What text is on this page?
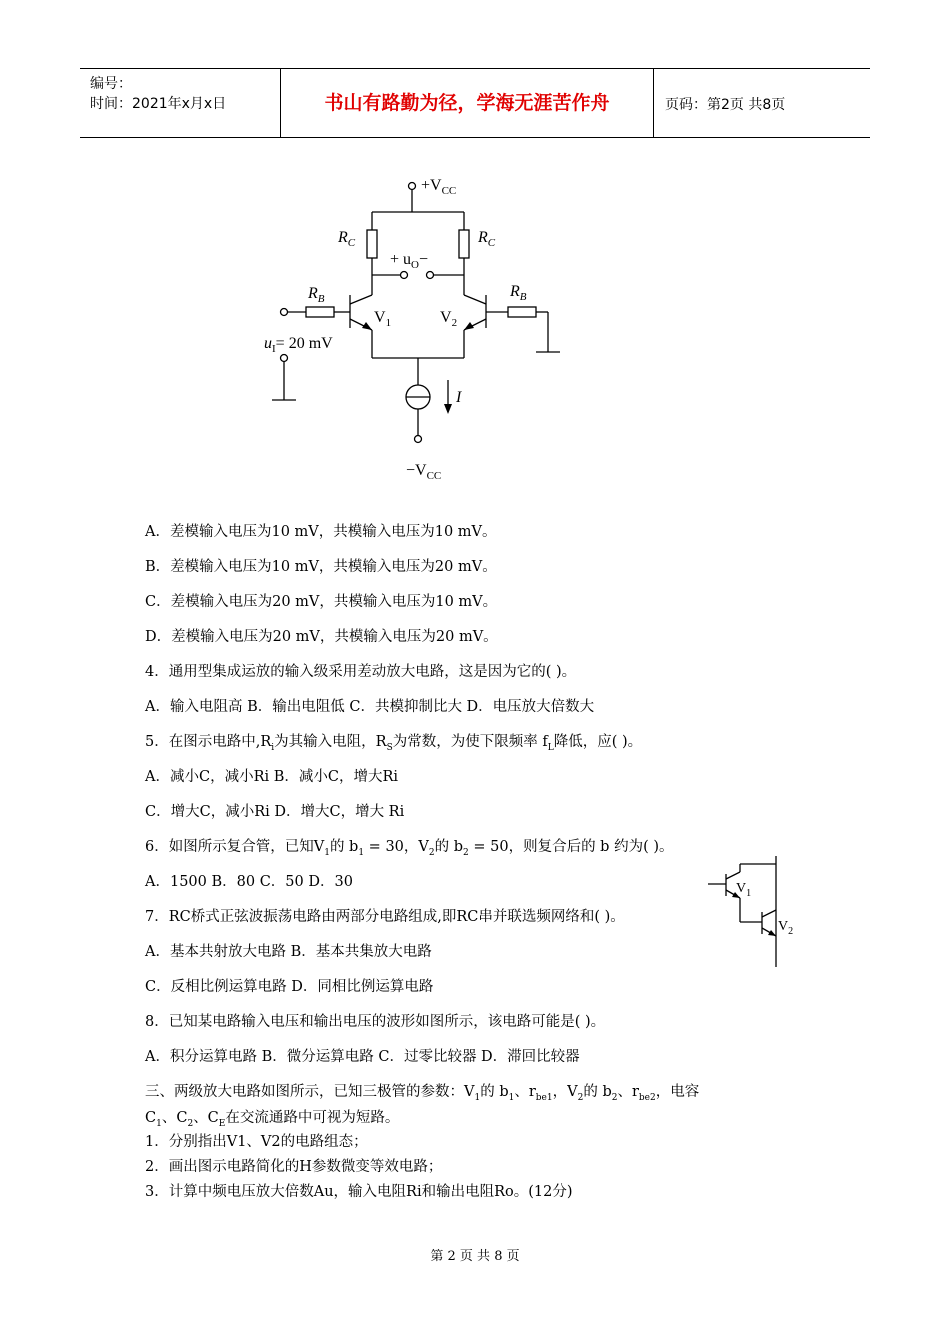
编号：
时间：2021年x月x日	书山有路勤为径，学海无涯苦作舟	页码：第2页 共8页
$+V_{CC}$
$R_C$	$R_C$
+ $u_O-$
$R_B$	$R_B$
$V_1$	$V_2$
$u_I= 20$ mV
I
$-V_{CC}$
A．差模输入电压为10 mV，共模输入电压为10 mV。
B．差模输入电压为10 mV，共模输入电压为20 mV。
C．差模输入电压为20 mV，共模输入电压为10 mV。
D．差模输入电压为20 mV，共模输入电压为20 mV。
4．通用型集成运放的输入级采用差动放大电路，这是因为它的( )。
A．输入电阻高 B．输出电阻低 C．共模抑制比大 D．电压放大倍数大
5．在图示电路中$,R_i$为其输入电阻，$R_S$为常数，为使下限频率 $f_L$降低，应( )。
A．减小C，减小Ri B．减小C，增大Ri
C．增大C，减小Ri D．增大C，增大 Ri
6．如图所示复合管，已知$V_1$的 $b_1 = 30$，$V_2$的 $b_2 = 50$，则复合后的 b 约为( )。
A．1500 B．80 C．50 D．30
7．RC桥式正弦波振荡电路由两部分电路组成,即RC串并联选频网络和( )。
A．基本共射放大电路 B．基本共集放大电路
C．反相比例运算电路 D．同相比例运算电路
8．已知某电路输入电压和输出电压的波形如图所示，该电路可能是( )。
A．积分运算电路 B．微分运算电路 C．过零比较器 D．滞回比较器
$V_1$
$V_2$
三、两级放大电路如图所示，已知三极管的参数：$V_1$的 $b_1$、$r_{be1}$，$V_2$的 $b_2$、$r_{be2}$，电容
$C_1$、$C_2$、$C_E$在交流通路中可视为短路。
1．分别指出V1、V2的电路组态；
2．画出图示电路简化的H参数微变等效电路；
3．计算中频电压放大倍数Au，输入电阻Ri和输出电阻Ro。(12分)
第 2 页 共 8 页
